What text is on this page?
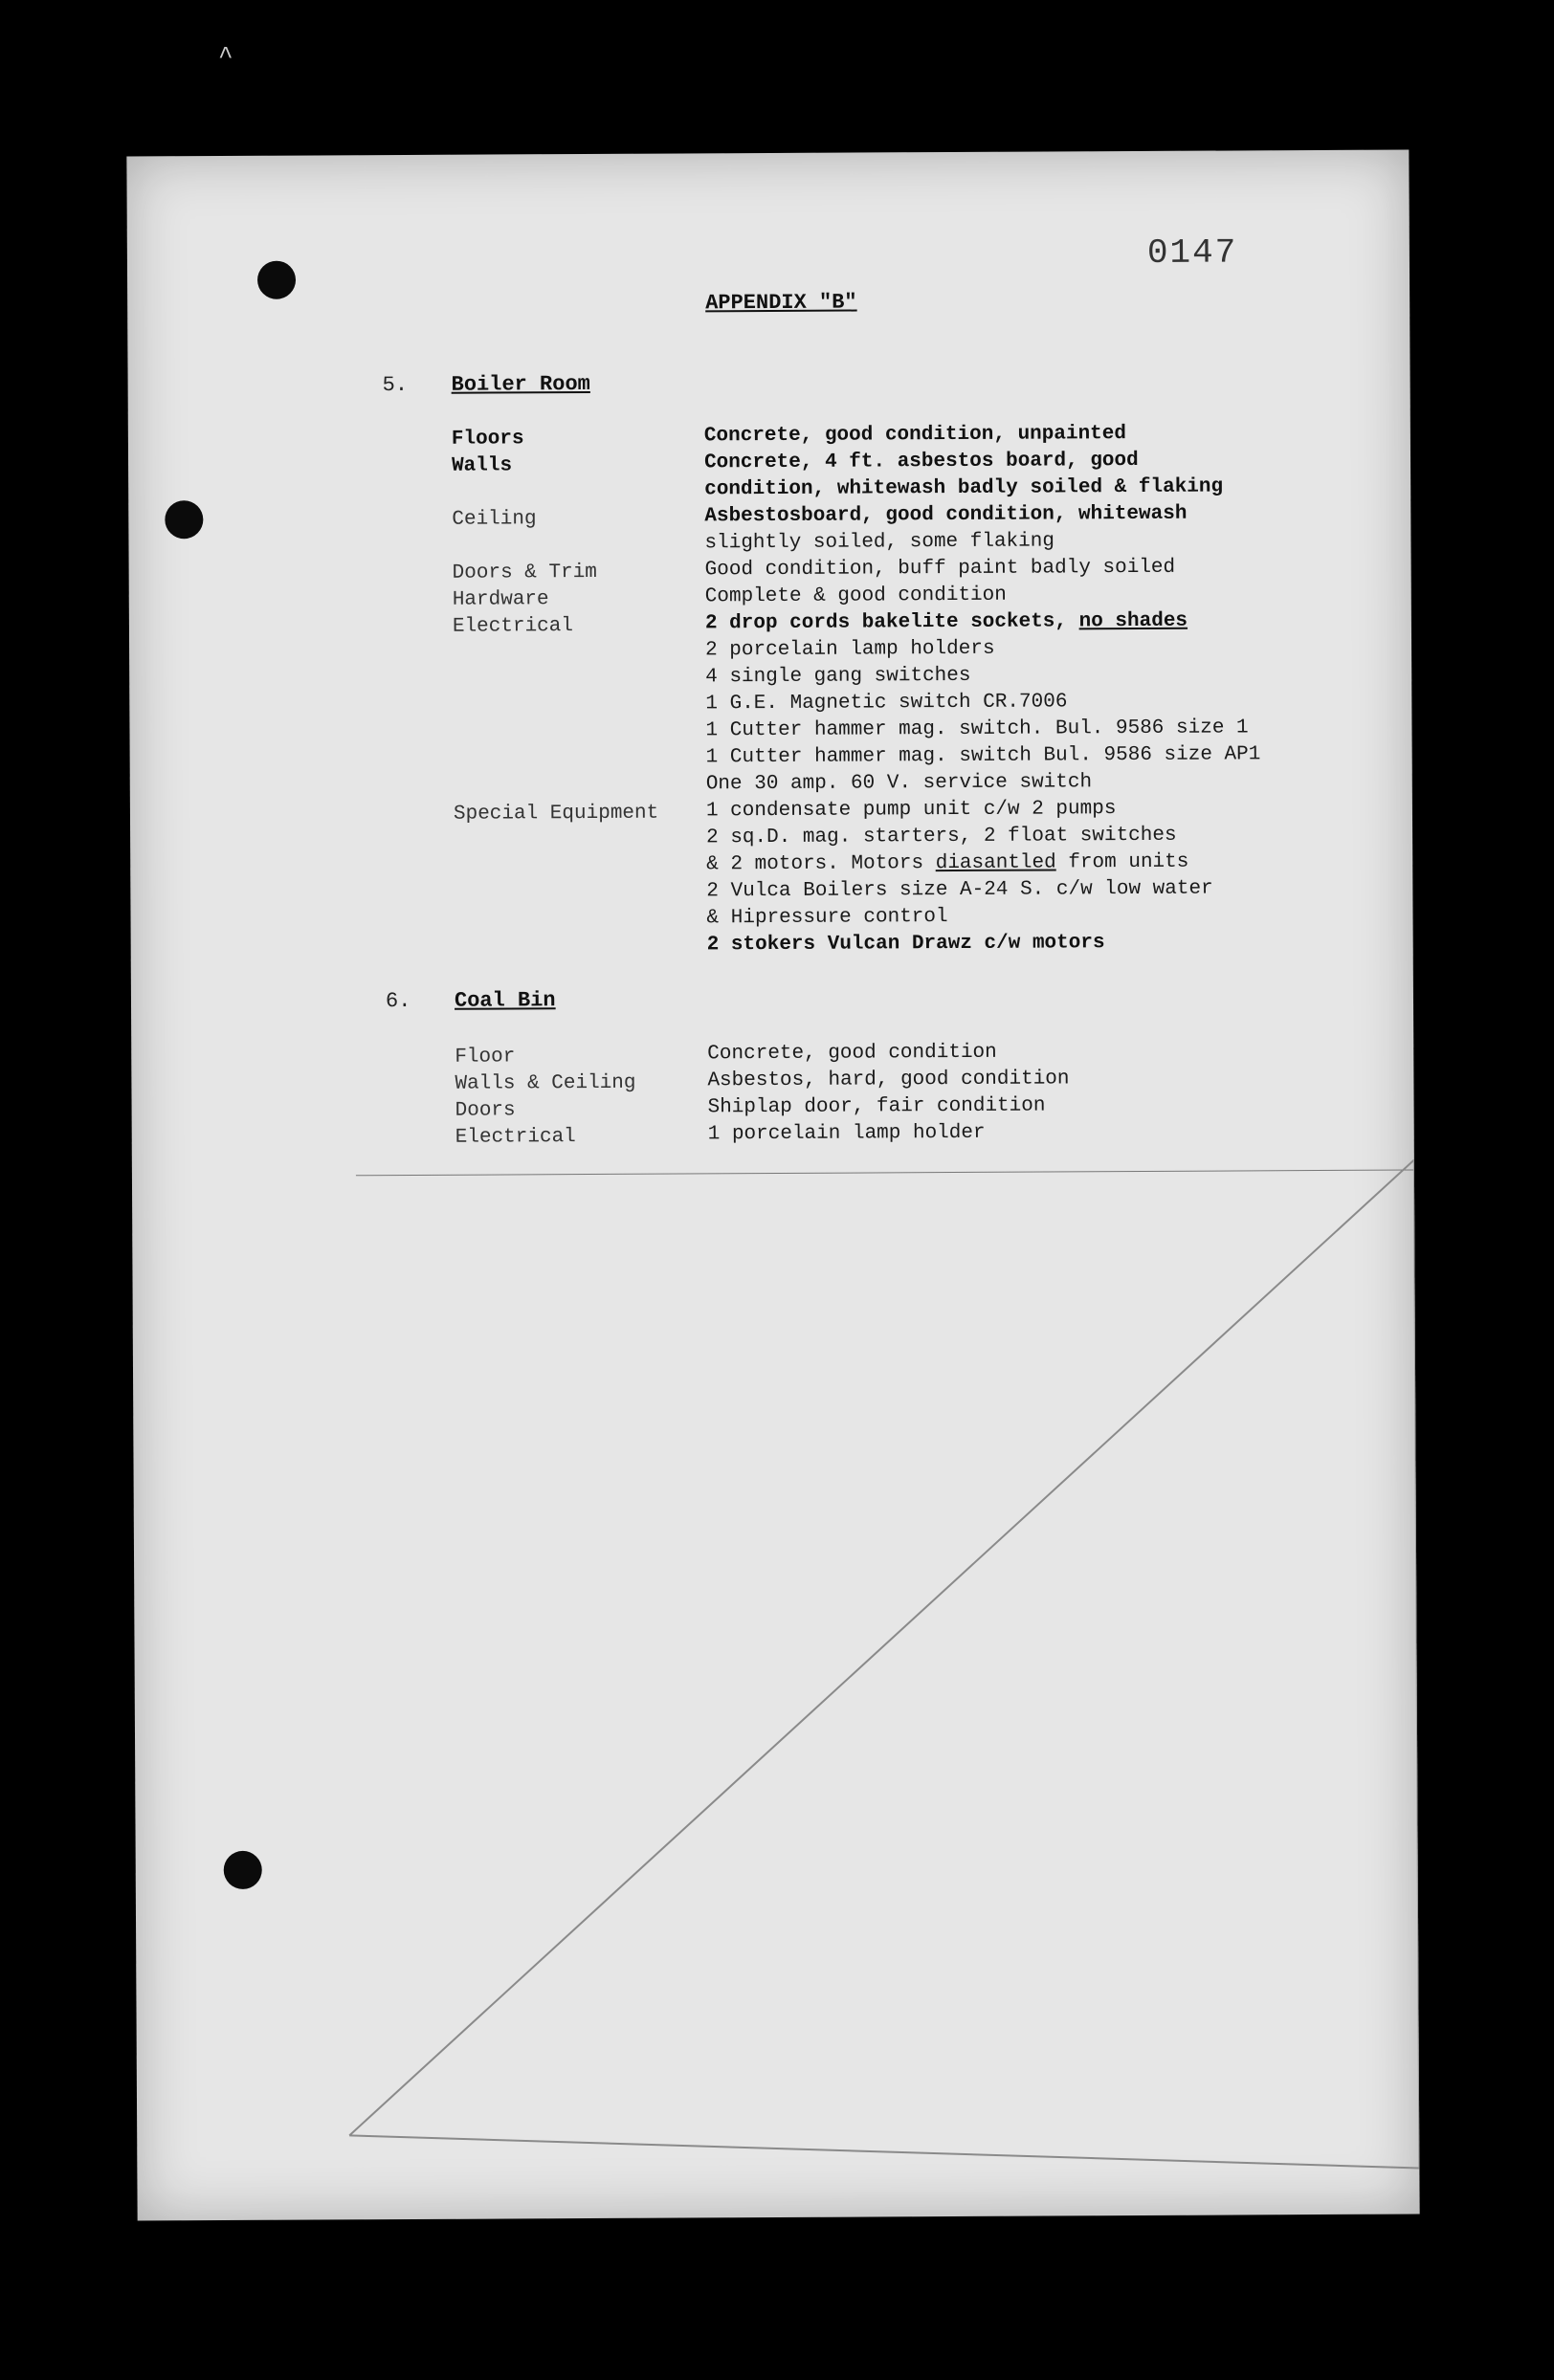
^
0147
APPENDIX "B"
5. Boiler Room
Floors	Concrete, good condition, unpainted
Walls	Concrete, 4 ft. asbestos board, good
condition, whitewash badly soiled & flaking
Ceiling	Asbestosboard, good condition, whitewash
slightly soiled, some flaking
Doors & Trim	Good condition, buff paint badly soiled
Hardware	Complete & good condition
Electrical	2 drop cords bakelite sockets, no shades
2 porcelain lamp holders
4 single gang switches
1 G.E. Magnetic switch CR.7006
1 Cutter hammer mag. switch. Bul. 9586 size 1
1 Cutter hammer mag. switch Bul. 9586 size AP1
One 30 amp. 60 V. service switch
Special Equipment 1 condensate pump unit c/w 2 pumps
2 sq.D. mag. starters, 2 float switches
& 2 motors. Motors diasantled from units
2 Vulca Boilers size A-24 S. c/w low water
& Hipressure control
2 stokers Vulcan Drawz c/w motors
6. Coal Bin
Floor	Concrete, good condition
Walls & Ceiling	Asbestos, hard, good condition
Doors	Shiplap door, fair condition
Electrical	1 porcelain lamp holder
